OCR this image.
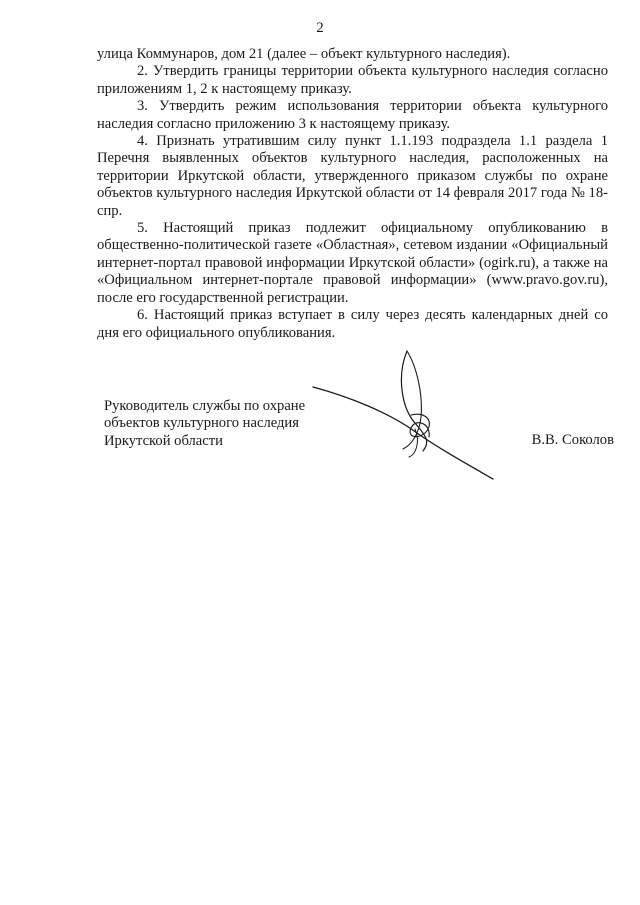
2

улица Коммунаров, дом 21 (далее – объект культурного наследия).

2. Утвердить границы территории объекта культурного наследия согласно приложениям 1, 2 к настоящему приказу.

3. Утвердить режим использования территории объекта культурного наследия согласно приложению 3 к настоящему приказу.

4. Признать утратившим силу пункт 1.1.193 подраздела 1.1 раздела 1 Перечня выявленных объектов культурного наследия, расположенных на территории Иркутской области, утвержденного приказом службы по охране объектов культурного наследия Иркутской области от 14 февраля 2017 года № 18-спр.

5. Настоящий приказ подлежит официальному опубликованию в общественно-политической газете «Областная», сетевом издании «Официальный интернет-портал правовой информации Иркутской области» (ogirk.ru), а также на «Официальном интернет-портале правовой информации» (www.pravo.gov.ru), после его государственной регистрации.

6. Настоящий приказ вступает в силу через десять календарных дней со дня его официального опубликования.

Руководитель службы по охране
объектов культурного наследия
Иркутской области	В.В. Соколов
